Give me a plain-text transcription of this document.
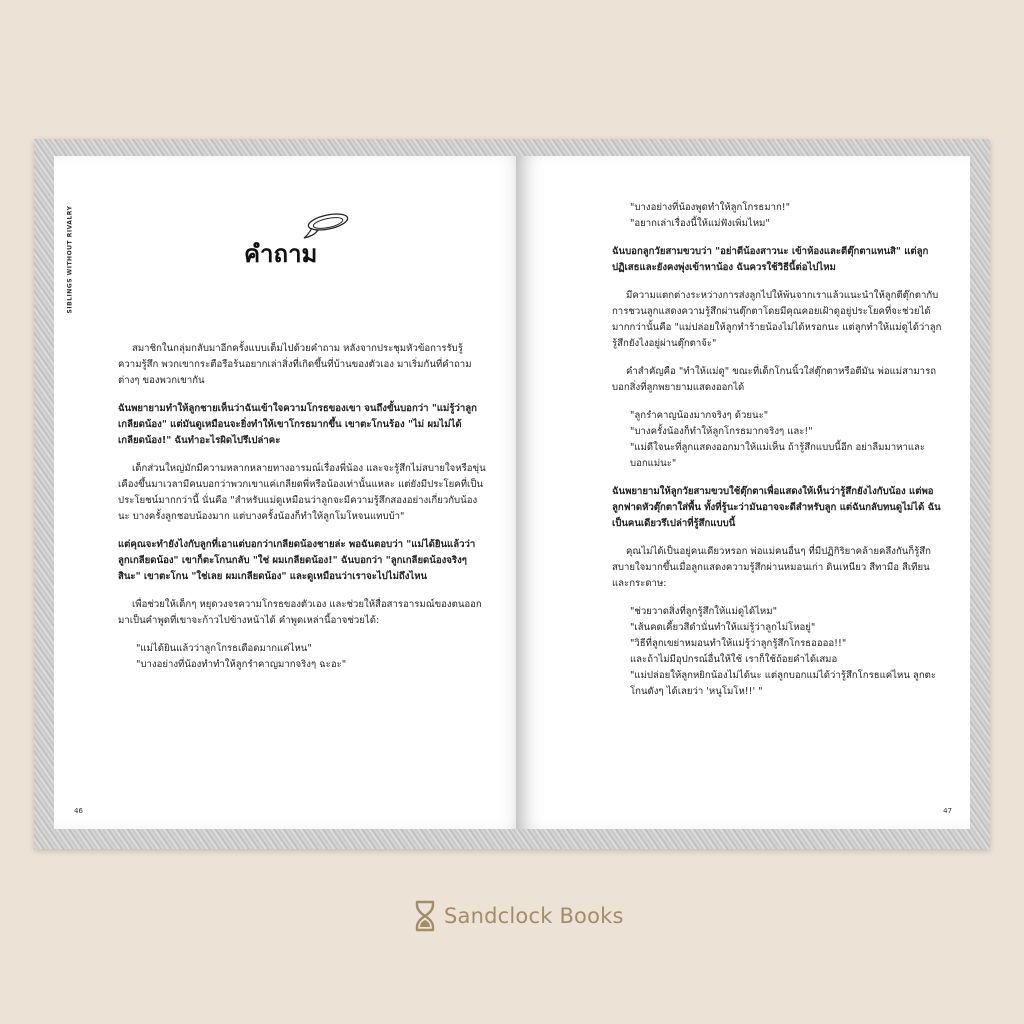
SIBLINGS WITHOUT RIVALRY	คำถาม

สมาชิกในกลุ่มกลับมาอีกครั้งแบบเต็มไปด้วยคำถาม หลังจากประชุมหัวข้อการรับรู้ความรู้สึก พวกเขากระตือรือร้นอยากเล่าสิ่งที่เกิดขึ้นที่บ้านของตัวเอง มาเริ่มกันที่คำถามต่างๆ ของพวกเขากัน

ฉันพยายามทำให้ลูกชายเห็นว่าฉันเข้าใจความโกรธของเขา จนถึงขั้นบอกว่า "แม่รู้ว่าลูกเกลียดน้อง" แต่มันดูเหมือนจะยิ่งทำให้เขาโกรธมากขึ้น เขาตะโกนร้อง "ไม่ ผมไม่ได้เกลียดน้อง!" ฉันทำอะไรผิดไปรึเปล่าคะ

เด็กส่วนใหญ่มักมีความหลากหลายทางอารมณ์เรื่องพี่น้อง และจะรู้สึกไม่สบายใจหรือขุ่นเคืองขึ้นมาเวลามีคนบอกว่าพวกเขาแค่เกลียดพี่หรือน้องเท่านั้นแหละ แต่ยังมีประโยคที่เป็นประโยชน์มากกว่านี้ นั่นคือ "สำหรับแม่ดูเหมือนว่าลูกจะมีความรู้สึกสองอย่างเกี่ยวกับน้องนะ บางครั้งลูกชอบน้องมาก แต่บางครั้งน้องก็ทำให้ลูกโมโหจนแทบบ้า"

แต่คุณจะทำยังไงกับลูกที่เอาแต่บอกว่าเกลียดน้องชายล่ะ พอฉันตอบว่า "แม่ได้ยินแล้วว่าลูกเกลียดน้อง" เขาก็ตะโกนกลับ "ใช่ ผมเกลียดน้อง!" ฉันบอกว่า "ลูกเกลียดน้องจริงๆ สินะ" เขาตะโกน "ใช่เลย ผมเกลียดน้อง" และดูเหมือนว่าเราจะไปไม่ถึงไหน

เพื่อช่วยให้เด็กๆ หยุดวงจรความโกรธของตัวเอง และช่วยให้สื่อสารอารมณ์ของตนออกมาเป็นคำพูดที่เขาจะก้าวไปข้างหน้าได้ คำพูดเหล่านี้อาจช่วยได้:

"แม่ได้ยินแล้วว่าลูกโกรธเดือดมากแค่ไหน"

"บางอย่างที่น้องทำทำให้ลูกรำคาญมากจริงๆ ฉะอะ"

46

"บางอย่างที่น้องพูดทำให้ลูกโกรธมาก!"

"อยากเล่าเรื่องนี้ให้แม่ฟังเพิ่มไหม"

ฉันบอกลูกวัยสามขวบว่า "อย่าตีน้องสาวนะ เข้าห้องและตีตุ๊กตาแทนสิ" แต่ลูกปฏิเสธและยังคงพุ่งเข้าหาน้อง ฉันควรใช้วิธีนี้ต่อไปไหม

มีความแตกต่างระหว่างการส่งลูกไปให้พ้นจากเราแล้วแนะนำให้ลูกตีตุ๊กตากับการชวนลูกแสดงความรู้สึกผ่านตุ๊กตาโดยมีคุณคอยเฝ้าดูอยู่ประโยคที่จะช่วยได้มากกว่านั้นคือ "แม่ปล่อยให้ลูกทำร้ายน้องไม่ได้หรอกนะ แต่ลูกทำให้แม่ดูได้ว่าลูกรู้สึกยังไงอยู่ผ่านตุ๊กตาจ้ะ"

คำสำคัญคือ "ทำให้แม่ดู" ขณะที่เด็กโกนนิ้วใส่ตุ๊กตาหรือตีมัน พ่อแม่สามารถบอกสิ่งที่ลูกพยายามแสดงออกได้

"ลูกรำคาญน้องมากจริงๆ ด้วยนะ"

"บางครั้งน้องก็ทำให้ลูกโกรธมากจริงๆ และ!"

"แม่ดีใจนะที่ลูกแสดงออกมาให้แม่เห็น ถ้ารู้สึกแบบนี้อีก อย่าลืมมาหาและบอกแม่นะ"

ฉันพยายามให้ลูกวัยสามขวบใช้ตุ๊กตาเพื่อแสดงให้เห็นว่ารู้สึกยังไงกับน้อง แต่พอลูกฟาดหัวตุ๊กตาใส่พื้น ทั้งที่รู้นะว่ามันอาจจะดีสำหรับลูก แต่ฉันกลับทนดูไม่ได้ ฉันเป็นคนเดียวรึเปล่าที่รู้สึกแบบนี้

คุณไม่ได้เป็นอยู่คนเดียวหรอก พ่อแม่คนอื่นๆ ที่มีปฏิกิริยาคล้ายคลึงกันก็รู้สึกสบายใจมากขึ้นเมื่อลูกแสดงความรู้สึกผ่านหมอนเก่า ดินเหนียว สีทามือ สีเทียน และกระดาษ:

"ช่วยวาดสิ่งที่ลูกรู้สึกให้แม่ดูได้ไหม"

"เส้นคดเคี้ยวสีดำนั่นทำให้แม่รู้ว่าลูกไม่โหอยู่"

"วิธีที่ลูกเขย่าหมอนทำให้แม่รู้ว่าลูกรู้สึกโกรธออออ!!"

และถ้าไม่มีอุปกรณ์อื่นให้ใช้ เราก็ใช้ถ้อยคำได้เสมอ

"แม่ปล่อยให้ลูกหยิกน้องไม่ได้นะ แต่ลูกบอกแม่ได้ว่ารู้สึกโกรธแค่ไหน ลูกตะโกนดังๆ ได้เลยว่า 'หนูโมโห!!' "

47
Sandclock Books
